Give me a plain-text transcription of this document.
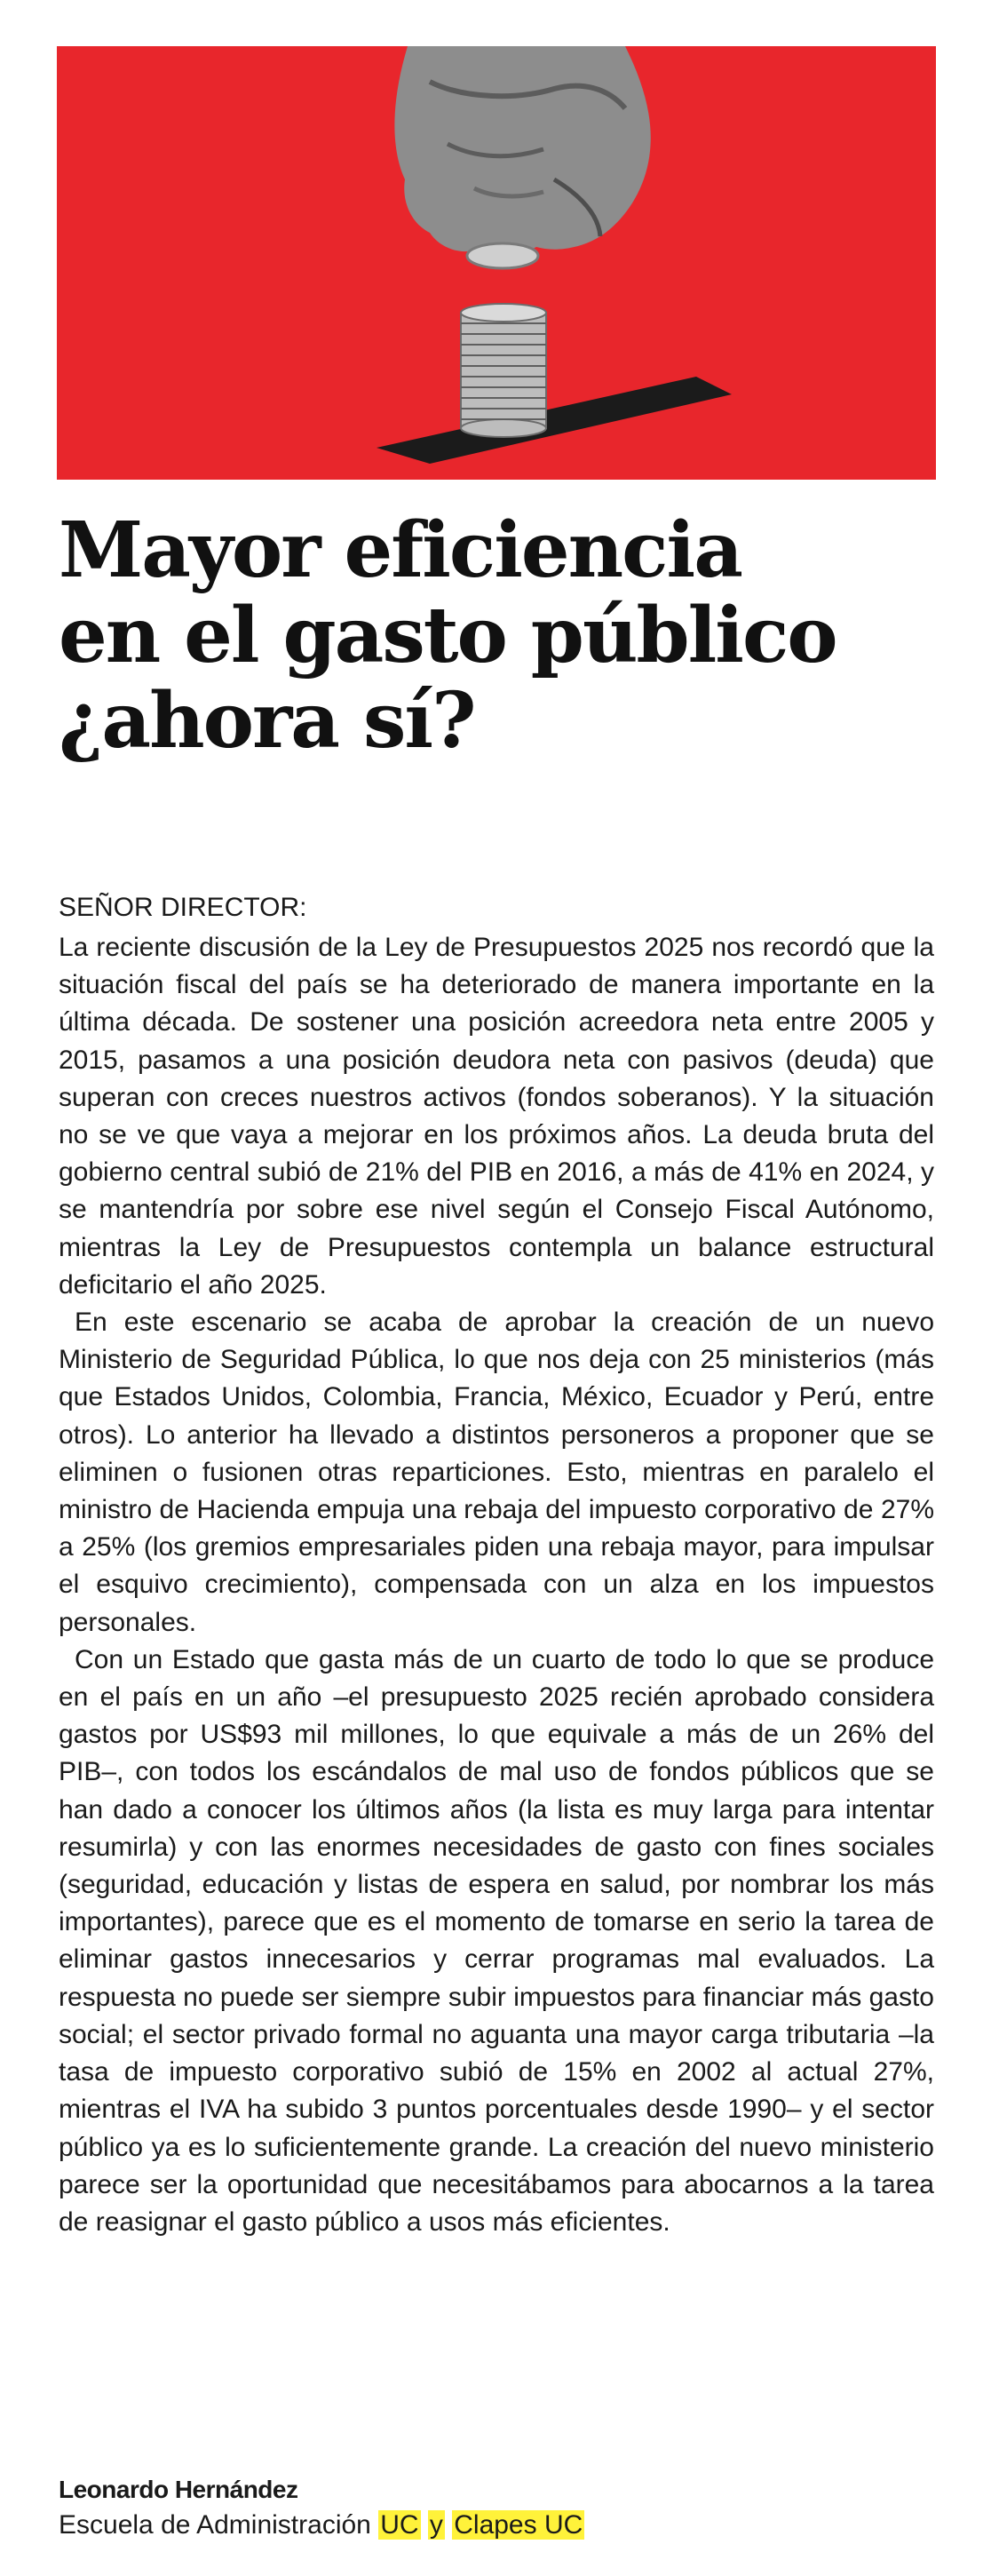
Mayor eficiencia
en el gasto público
¿ahora sí?
SEÑOR DIRECTOR:

La reciente discusión de la Ley de Presupuestos 2025 nos recordó que la situación fiscal del país se ha deteriorado de manera importante en la última década. De sostener una posición acreedora neta entre 2005 y 2015, pasamos a una posición deudora neta con pasivos (deuda) que superan con creces nuestros activos (fondos soberanos). Y la situación no se ve que vaya a mejorar en los próximos años. La deuda bruta del gobierno central subió de 21% del PIB en 2016, a más de 41% en 2024, y se mantendría por sobre ese nivel según el Consejo Fiscal Autónomo, mientras la Ley de Presupuestos contempla un balance estructural deficitario el año 2025.

En este escenario se acaba de aprobar la creación de un nuevo Ministerio de Seguridad Pública, lo que nos deja con 25 ministerios (más que Estados Unidos, Colombia, Francia, México, Ecuador y Perú, entre otros). Lo anterior ha llevado a distintos personeros a proponer que se eliminen o fusionen otras reparticiones. Esto, mientras en paralelo el ministro de Hacienda empuja una rebaja del impuesto corporativo de 27% a 25% (los gremios empresariales piden una rebaja mayor, para impulsar el esquivo crecimiento), compensada con un alza en los impuestos personales.

Con un Estado que gasta más de un cuarto de todo lo que se produce en el país en un año –el presupuesto 2025 recién aprobado considera gastos por US$93 mil millones, lo que equivale a más de un 26% del PIB–, con todos los escándalos de mal uso de fondos públicos que se han dado a conocer los últimos años (la lista es muy larga para intentar resumirla) y con las enormes necesidades de gasto con fines sociales (seguridad, educación y listas de espera en salud, por nombrar los más importantes), parece que es el momento de tomarse en serio la tarea de eliminar gastos innecesarios y cerrar programas mal evaluados. La respuesta no puede ser siempre subir impuestos para financiar más gasto social; el sector privado formal no aguanta una mayor carga tributaria –la tasa de impuesto corporativo subió de 15% en 2002 al actual 27%, mientras el IVA ha subido 3 puntos porcentuales desde 1990– y el sector público ya es lo suficientemente grande. La creación del nuevo ministerio parece ser la oportunidad que necesitábamos para abocarnos a la tarea de reasignar el gasto público a usos más eficientes.

Leonardo Hernández
Escuela de Administración UC y Clapes UC
